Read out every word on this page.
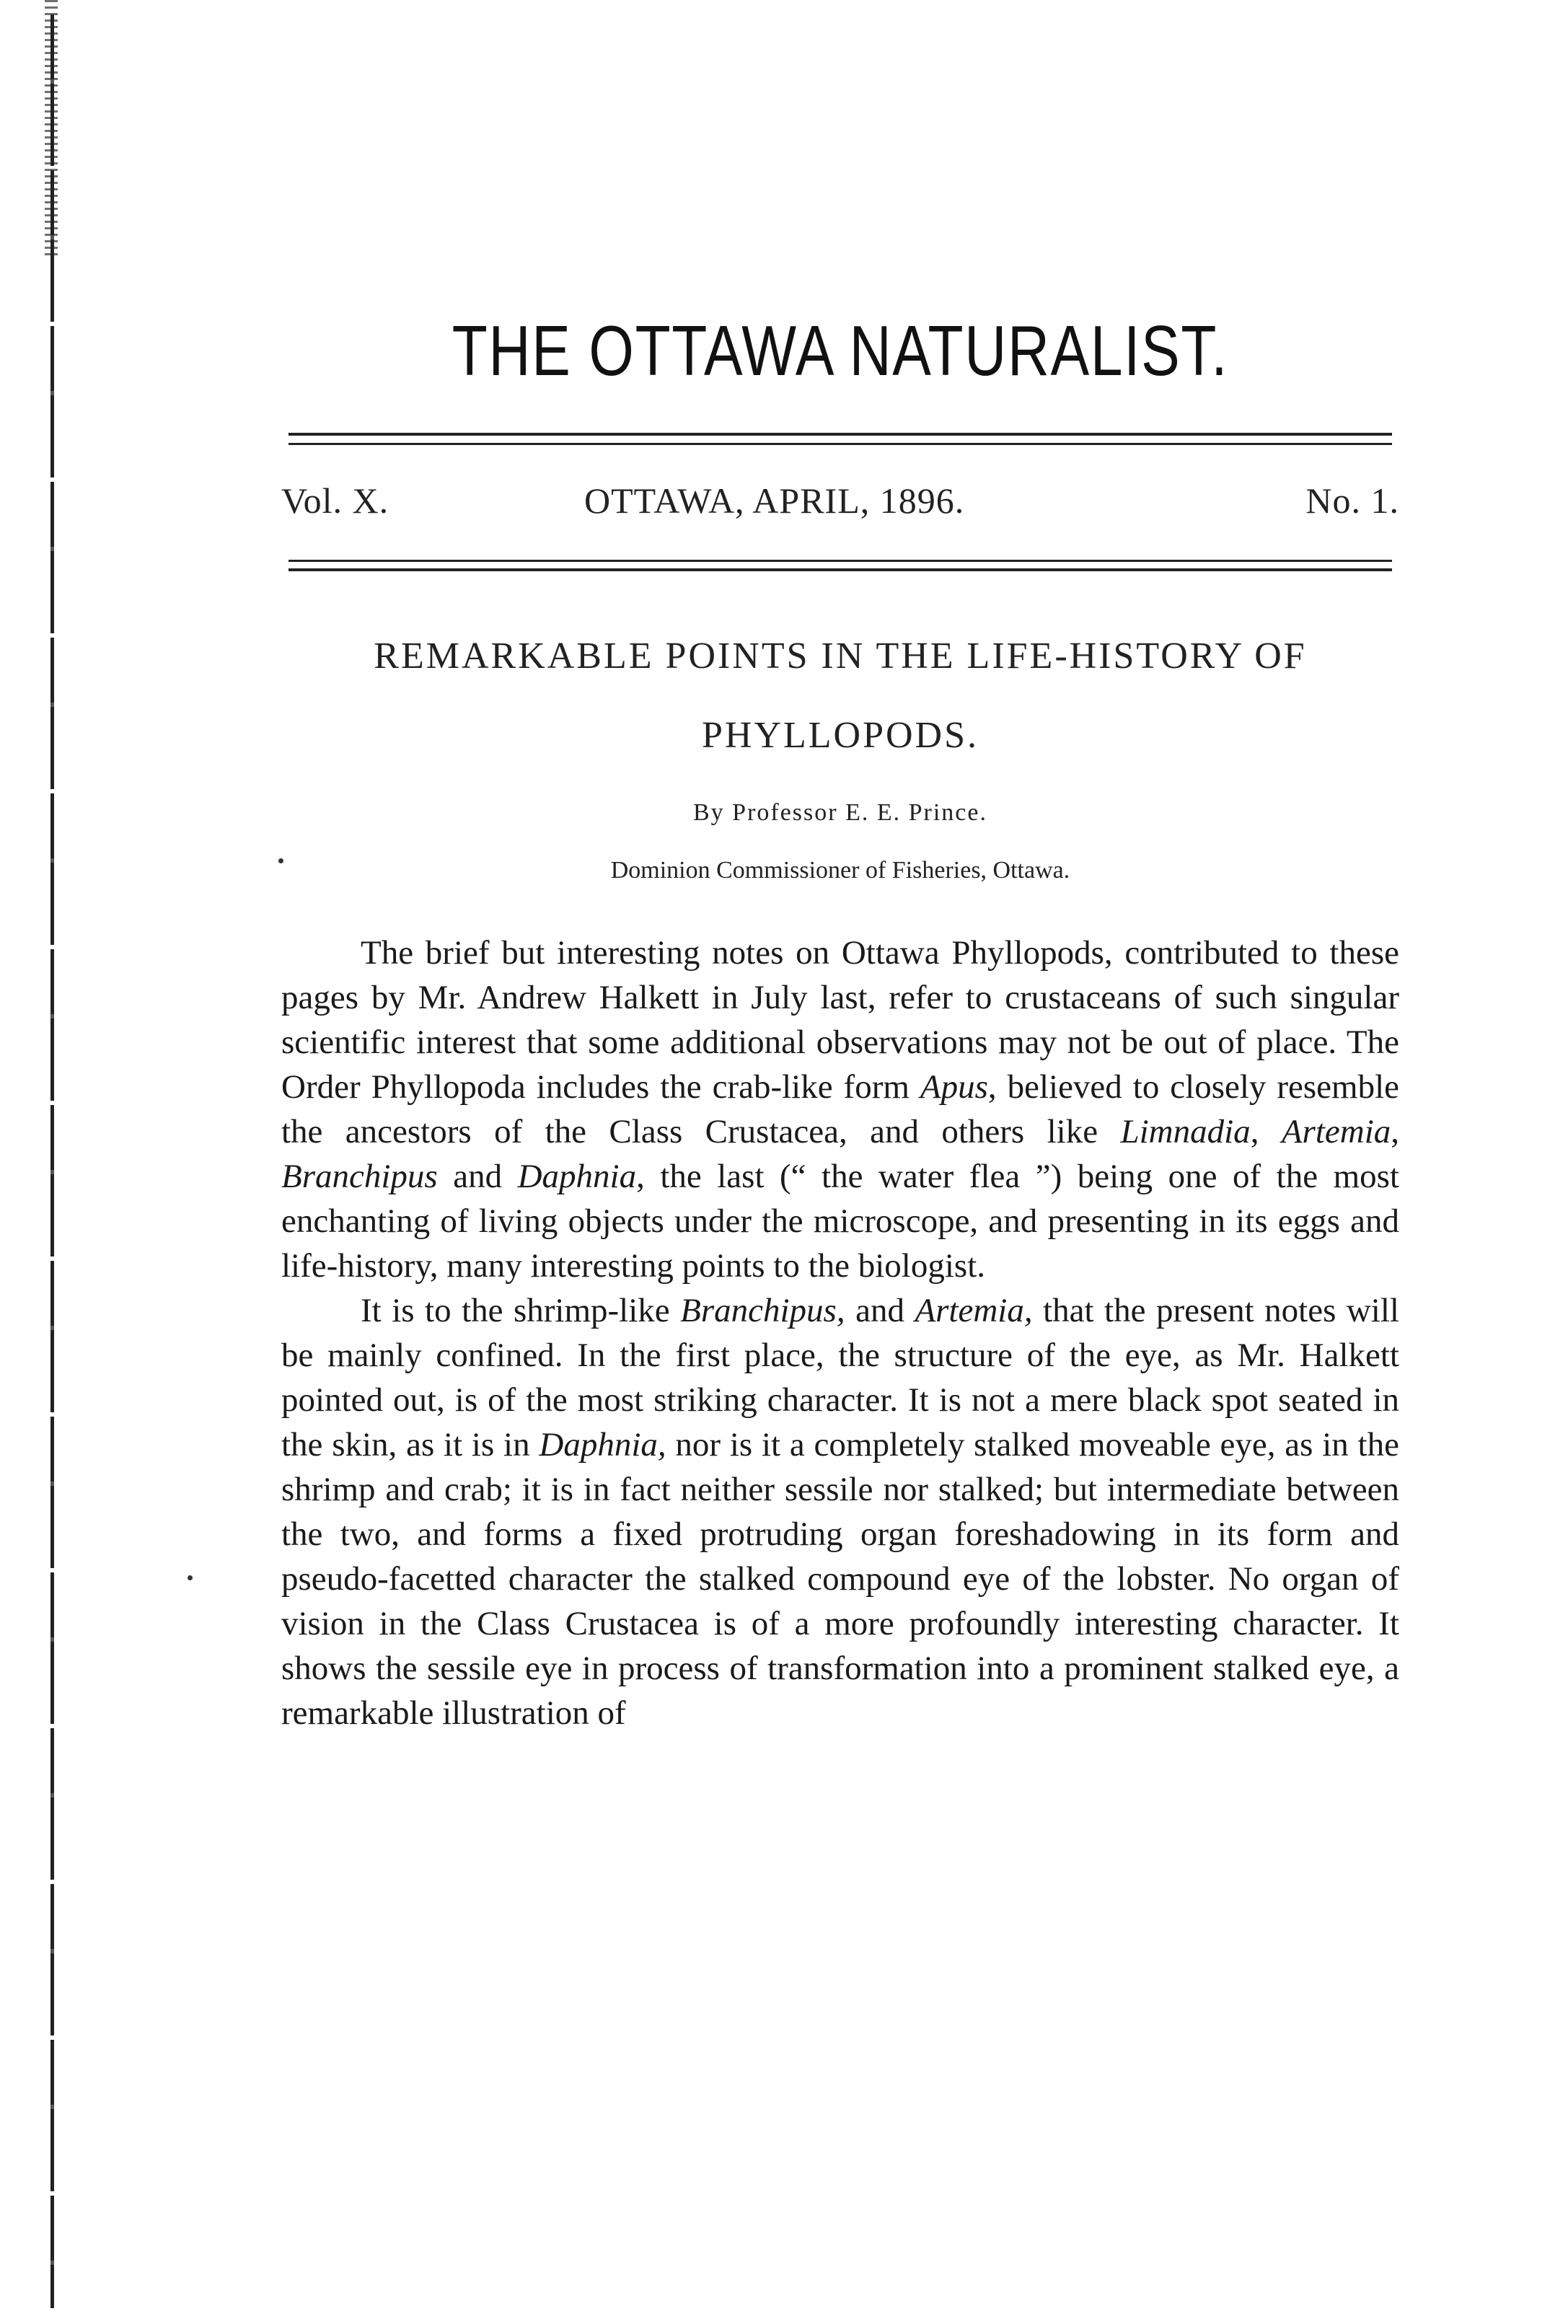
THE OTTAWA NATURALIST.
Vol. X.	OTTAWA, APRIL, 1896.	No. 1.
REMARKABLE POINTS IN THE LIFE-HISTORY OF
PHYLLOPODS.
By Professor E. E. Prince.
Dominion Commissioner of Fisheries, Ottawa.

The brief but interesting notes on Ottawa Phyllopods, contributed to these pages by Mr. Andrew Halkett in July last, refer to crustaceans of such singular scientific interest that some additional observations may not be out of place. The Order Phyllopoda includes the crab-like form Apus, believed to closely resemble the ancestors of the Class Crustacea, and others like Limnadia, Artemia, Branchipus and Daphnia, the last (“ the water flea ”) being one of the most enchanting of living objects under the microscope, and presenting in its eggs and life-history, many interesting points to the biologist.

It is to the shrimp-like Branchipus, and Artemia, that the present notes will be mainly confined. In the first place, the structure of the eye, as Mr. Halkett pointed out, is of the most striking character. It is not a mere black spot seated in the skin, as it is in Daphnia, nor is it a completely stalked moveable eye, as in the shrimp and crab; it is in fact neither sessile nor stalked; but intermediate between the two, and forms a fixed protruding organ foreshadowing in its form and pseudo-facetted character the stalked compound eye of the lobster. No organ of vision in the Class Crustacea is of a more profoundly interesting character. It shows the sessile eye in process of transformation into a prominent stalked eye, a remarkable illustration of
